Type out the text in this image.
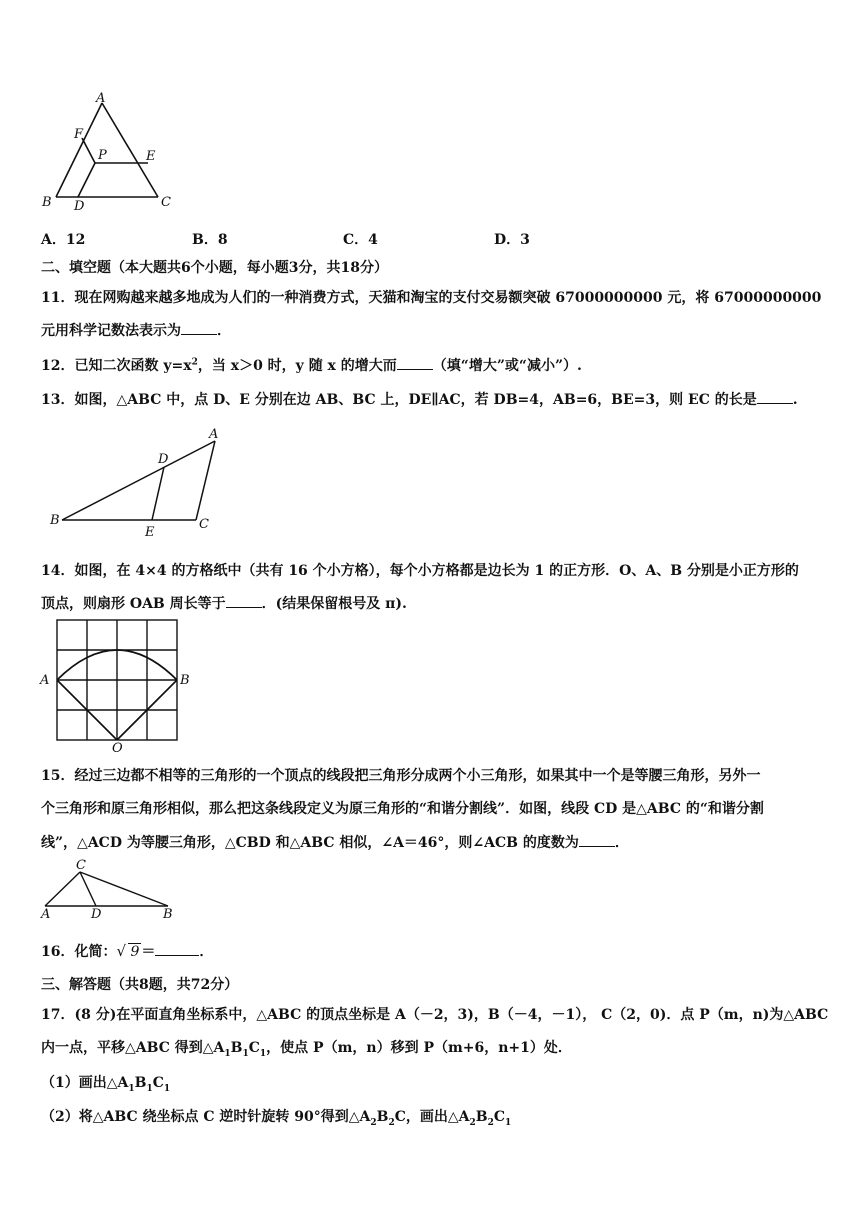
A
F
P	E
B D	C
A．12	B．8	C．4	D．3
二、填空题（本大题共6个小题，每小题3分，共18分）
11．现在网购越来越多地成为人们的一种消费方式，天猫和淘宝的支付交易额突破 67000000000 元，将 67000000000
元用科学记数法表示为	．
12．已知二次函数 $y=x^2$，当 x＞0 时，y 随 x 的增大而	（填“增大”或“减小”）.
13．如图，△ABC 中，点 D、E 分别在边 AB、BC 上，DE∥AC，若 DB=4，AB=6，BE=3，则 EC 的长是	.
A
D
B
E
C
14．如图，在 4×4 的方格纸中（共有 16 个小方格），每个小方格都是边长为 1 的正方形．O、A、B 分别是小正方形的
顶点，则扇形 OAB 周长等于	．(结果保留根号及 π).
A	B
O
15．经过三边都不相等的三角形的一个顶点的线段把三角形分成两个小三角形，如果其中一个是等腰三角形，另外一
个三角形和原三角形相似，那么把这条线段定义为原三角形的“和谐分割线”．如图，线段 CD 是△ABC 的“和谐分割
线”，△ACD 为等腰三角形，△CBD 和△ABC 相似，∠A＝46°，则∠ACB 的度数为	．
C
A	D	B
16．化简： √ 9 ＝	．
三、解答题（共8题，共72分）
17．(8 分)在平面直角坐标系中，△ABC 的顶点坐标是 A（－2，3)，B（－4，－1）， C（2，0)．点 P（m，n)为△ABC
内一点，平移△ABC 得到$\triangle A_1B_1C_1$，使点 P（m，n）移到 P（m+6，n+1）处．
（1）画出$\triangle A_1B_1C_1$
（2）将△ABC 绕坐标点 C 逆时针旋转 90°得到$\triangle A_2B_2C$，画出$\triangle A_2B_2C_1$
